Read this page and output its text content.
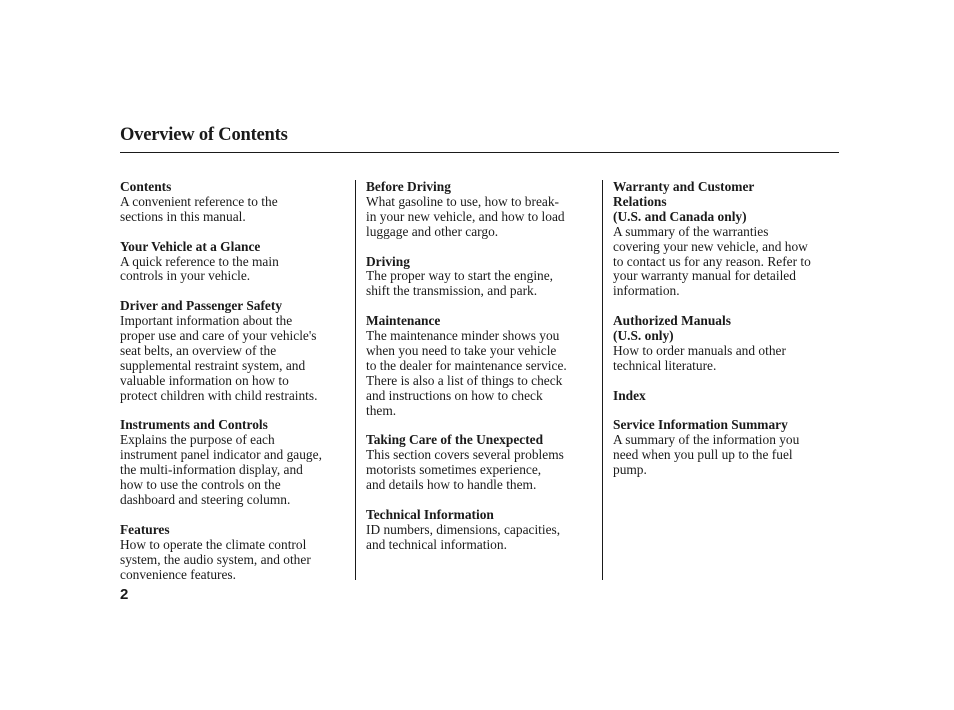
Overview of Contents
Contents
A convenient reference to the
sections in this manual.
Your Vehicle at a Glance
A quick reference to the main
controls in your vehicle.
Driver and Passenger Safety
Important information about the
proper use and care of your vehicle's
seat belts, an overview of the
supplemental restraint system, and
valuable information on how to
protect children with child restraints.
Instruments and Controls
Explains the purpose of each
instrument panel indicator and gauge,
the multi-information display, and
how to use the controls on the
dashboard and steering column.
Features
How to operate the climate control
system, the audio system, and other
convenience features.
Before Driving
What gasoline to use, how to break-
in your new vehicle, and how to load
luggage and other cargo.
Driving
The proper way to start the engine,
shift the transmission, and park.
Maintenance
The maintenance minder shows you
when you need to take your vehicle
to the dealer for maintenance service.
There is also a list of things to check
and instructions on how to check
them.
Taking Care of the Unexpected
This section covers several problems
motorists sometimes experience,
and details how to handle them.
Technical Information
ID numbers, dimensions, capacities,
and technical information.
Warranty and Customer
Relations
(U.S. and Canada only)
A summary of the warranties
covering your new vehicle, and how
to contact us for any reason. Refer to
your warranty manual for detailed
information.
Authorized Manuals
(U.S. only)
How to order manuals and other
technical literature.
Index
Service Information Summary
A summary of the information you
need when you pull up to the fuel
pump.
2
